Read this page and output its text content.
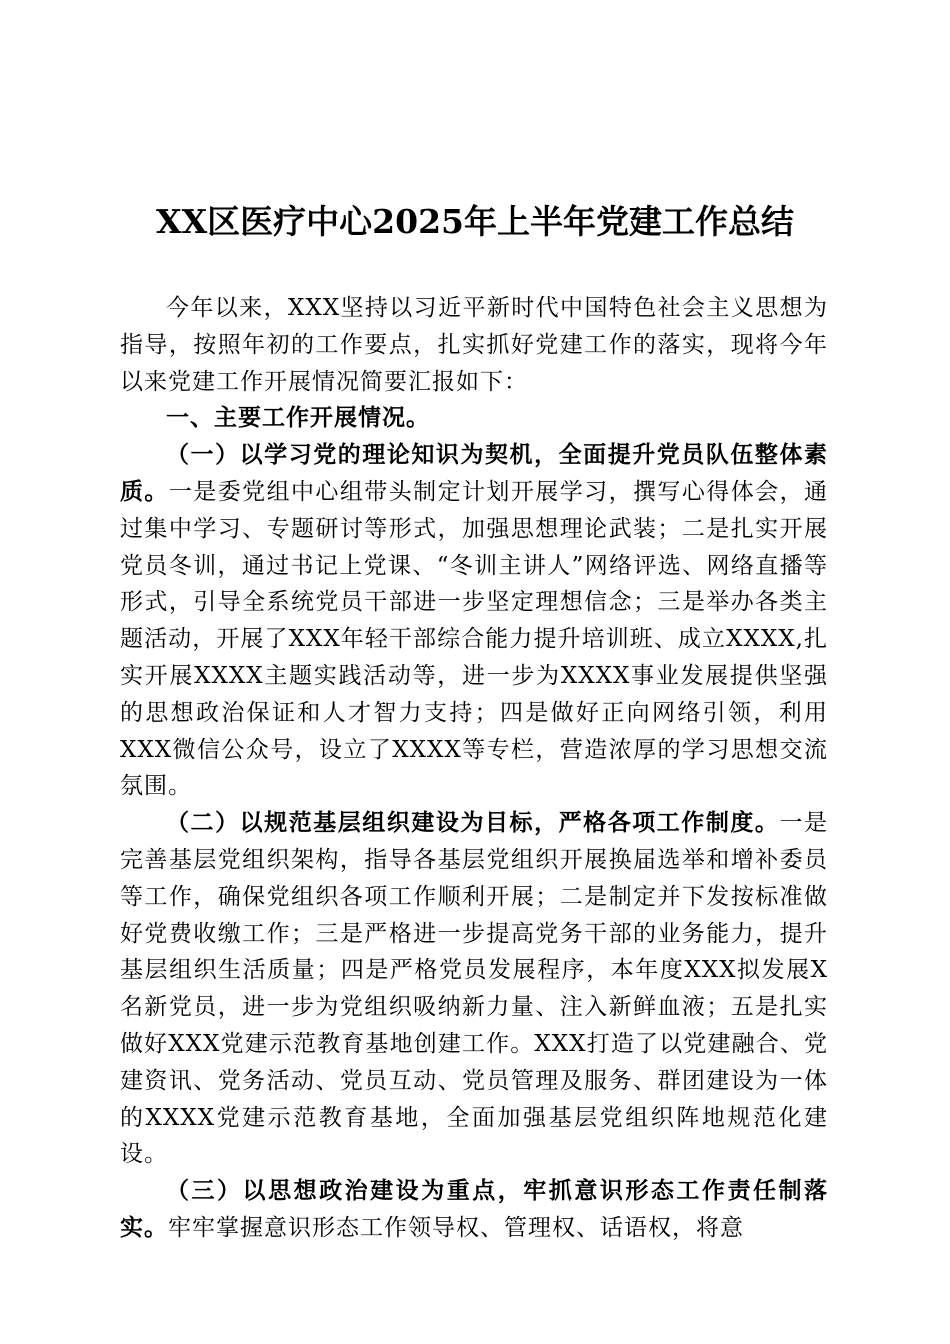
XX区医疗中心2025年上半年党建工作总结

今年以来，XXX坚持以习近平新时代中国特色社会主义思想为指导，按照年初的工作要点，扎实抓好党建工作的落实，现将今年以来党建工作开展情况简要汇报如下：

一、主要工作开展情况。

（一）以学习党的理论知识为契机，全面提升党员队伍整体素质。一是委党组中心组带头制定计划开展学习，撰写心得体会，通过集中学习、专题研讨等形式，加强思想理论武装；二是扎实开展党员冬训，通过书记上党课、“冬训主讲人”网络评选、网络直播等形式，引导全系统党员干部进一步坚定理想信念；三是举办各类主题活动，开展了XXX年轻干部综合能力提升培训班、成立XXXX,扎实开展XXXX主题实践活动等，进一步为XXXX事业发展提供坚强的思想政治保证和人才智力支持；四是做好正向网络引领，利用XXX微信公众号，设立了XXXX等专栏，营造浓厚的学习思想交流氛围。

（二）以规范基层组织建设为目标，严格各项工作制度。一是完善基层党组织架构，指导各基层党组织开展换届选举和增补委员等工作，确保党组织各项工作顺利开展；二是制定并下发按标准做好党费收缴工作；三是严格进一步提高党务干部的业务能力，提升基层组织生活质量；四是严格党员发展程序，本年度XXX拟发展X名新党员，进一步为党组织吸纳新力量、注入新鲜血液；五是扎实做好XXX党建示范教育基地创建工作。XXX打造了以党建融合、党建资讯、党务活动、党员互动、党员管理及服务、群团建设为一体的XXXX党建示范教育基地，全面加强基层党组织阵地规范化建设。

（三）以思想政治建设为重点，牢抓意识形态工作责任制落实。牢牢掌握意识形态工作领导权、管理权、话语权，将意
